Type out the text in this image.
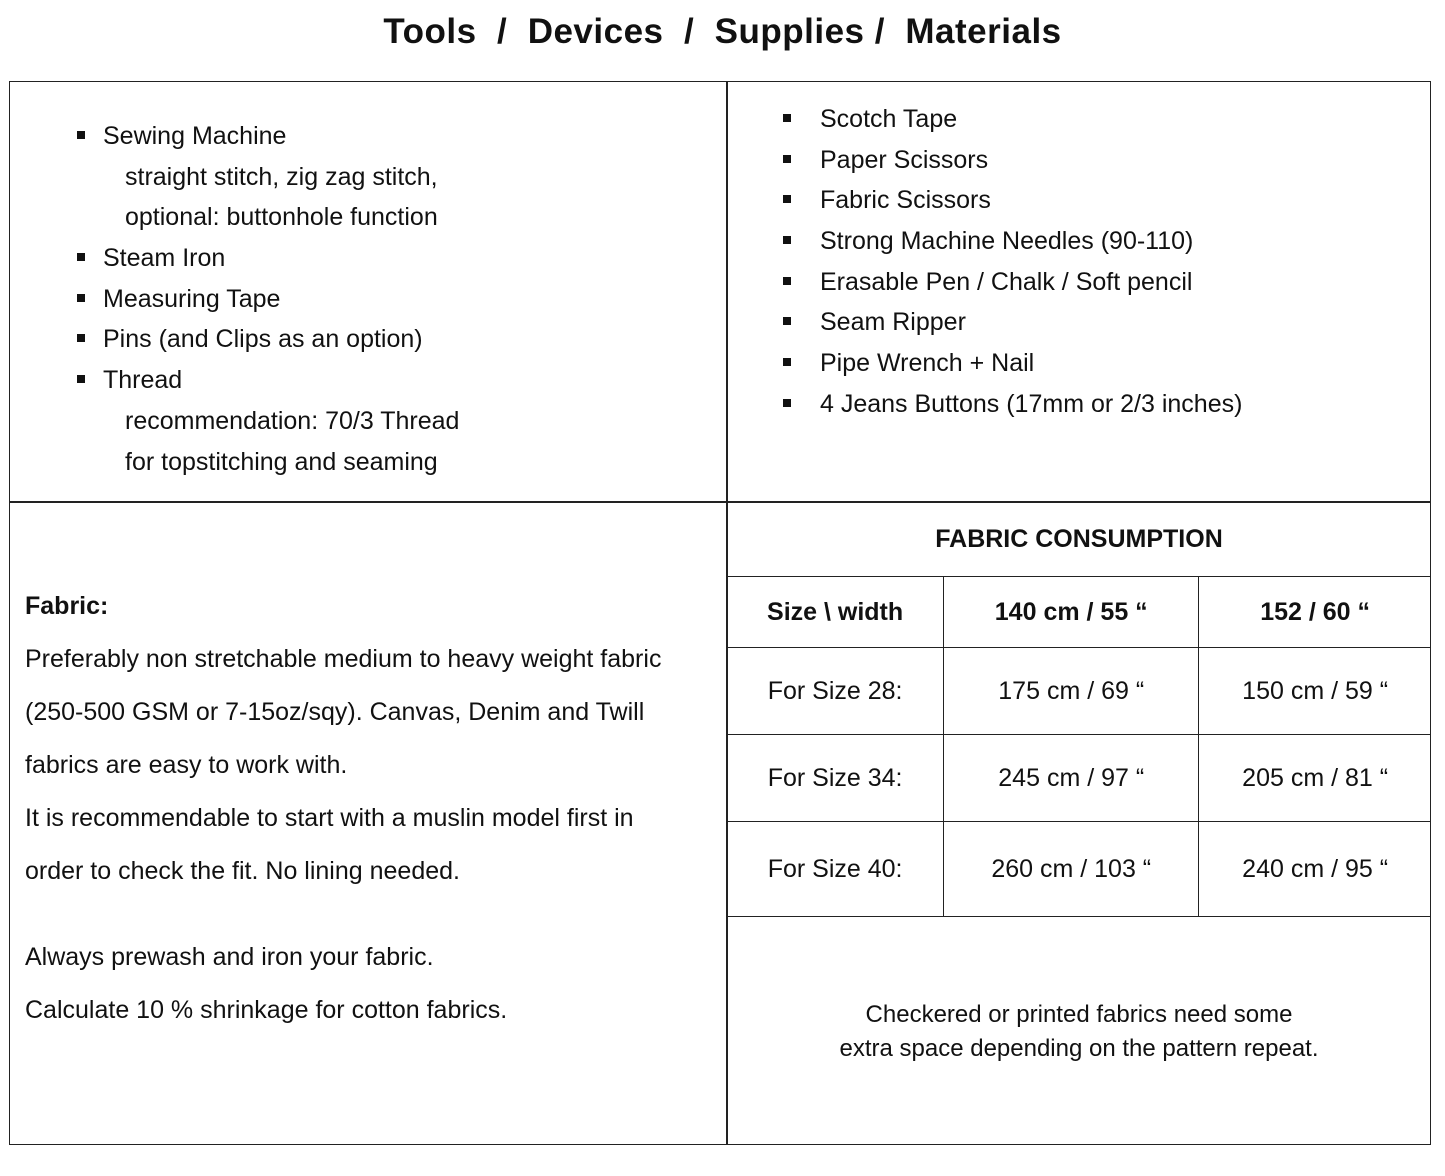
Tools  /  Devices  /  Supplies /  Materials
Sewing Machine
straight stitch, zig zag stitch,
optional: buttonhole function
Steam Iron
Measuring Tape
Pins (and Clips as an option)
Thread
recommendation: 70/3 Thread
for topstitching and seaming
Scotch Tape
Paper Scissors
Fabric Scissors
Strong Machine Needles (90-110)
Erasable Pen / Chalk / Soft pencil
Seam Ripper
Pipe Wrench + Nail
4 Jeans Buttons (17mm or 2/3 inches)
Fabric:
Preferably non stretchable medium to heavy weight fabric
(250-500 GSM or 7-15oz/sqy). Canvas, Denim and Twill
fabrics are easy to work with.
It is recommendable to start with a muslin model first in
order to check the fit. No lining needed.
Always prewash and iron your fabric.
Calculate 10 % shrinkage for cotton fabrics.
FABRIC CONSUMPTION
Size \ width	140 cm / 55 “	152 / 60 “
For Size 28:	175 cm / 69 “	150 cm / 59 “
For Size 34:	245 cm / 97 “	205 cm / 81 “
For Size 40:	260 cm / 103 “	240 cm / 95 “
Checkered or printed fabrics need some
extra space depending on the pattern repeat.
